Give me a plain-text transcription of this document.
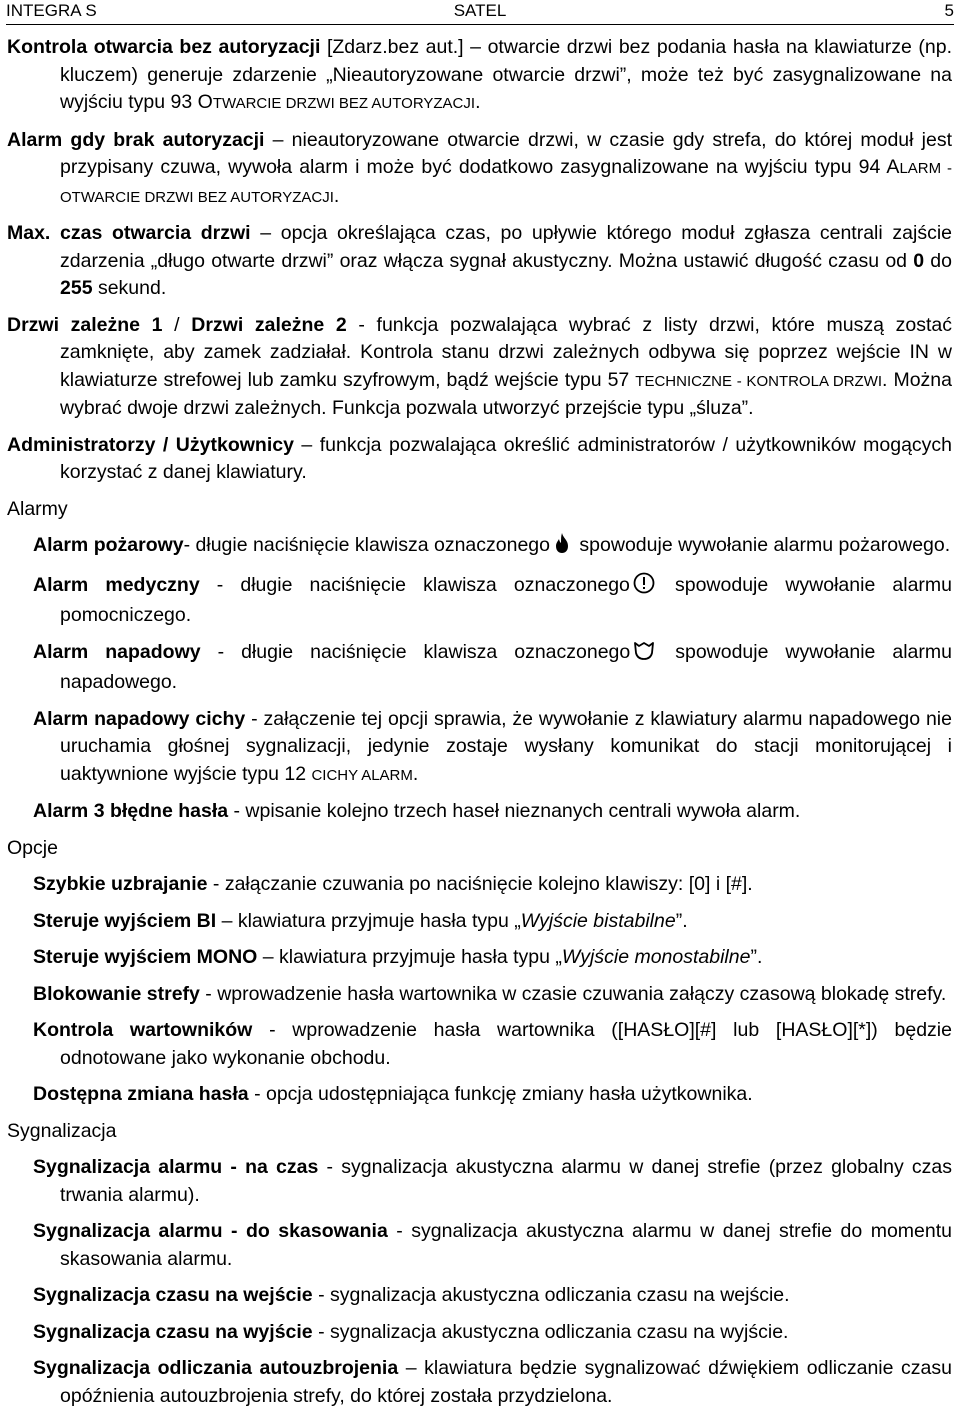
INTEGRA S	SATEL	5

Kontrola otwarcia bez autoryzacji [Zdarz.bez aut.] – otwarcie drzwi bez podania hasła na klawiaturze (np. kluczem) generuje zdarzenie „Nieautoryzowane otwarcie drzwi”, może też być zasygnalizowane na wyjściu typu 93 OTWARCIE DRZWI BEZ AUTORYZACJI.

Alarm gdy brak autoryzacji – nieautoryzowane otwarcie drzwi, w czasie gdy strefa, do której moduł jest przypisany czuwa, wywoła alarm i może być dodatkowo zasygnalizowane na wyjściu typu 94 ALARM - OTWARCIE DRZWI BEZ AUTORYZACJI.

Max. czas otwarcia drzwi – opcja określająca czas, po upływie którego moduł zgłasza centrali zajście zdarzenia „długo otwarte drzwi” oraz włącza sygnał akustyczny. Można ustawić długość czasu od 0 do 255 sekund.

Drzwi zależne 1 / Drzwi zależne 2 - funkcja pozwalająca wybrać z listy drzwi, które muszą zostać zamknięte, aby zamek zadziałał. Kontrola stanu drzwi zależnych odbywa się poprzez wejście IN w klawiaturze strefowej lub zamku szyfrowym, bądź wejście typu 57 TECHNICZNE - KONTROLA DRZWI. Można wybrać dwoje drzwi zależnych. Funkcja pozwala utworzyć przejście typu „śluza”.

Administratorzy / Użytkownicy – funkcja pozwalająca określić administratorów / użytkowników mogących korzystać z danej klawiatury.

Alarmy

Alarm pożarowy- długie naciśnięcie klawisza oznaczonego spowoduje wywołanie alarmu pożarowego.

Alarm medyczny - długie naciśnięcie klawisza oznaczonego spowoduje wywołanie alarmu pomocniczego.

Alarm napadowy - długie naciśnięcie klawisza oznaczonego spowoduje wywołanie alarmu napadowego.

Alarm napadowy cichy - załączenie tej opcji sprawia, że wywołanie z klawiatury alarmu napadowego nie uruchamia głośnej sygnalizacji, jedynie zostaje wysłany komunikat do stacji monitorującej i uaktywnione wyjście typu 12 CICHY ALARM.

Alarm 3 błędne hasła - wpisanie kolejno trzech haseł nieznanych centrali wywoła alarm.

Opcje

Szybkie uzbrajanie - załączanie czuwania po naciśnięcie kolejno klawiszy: [0] i [#].

Steruje wyjściem BI – klawiatura przyjmuje hasła typu „Wyjście bistabilne”.

Steruje wyjściem MONO – klawiatura przyjmuje hasła typu „Wyjście monostabilne”.

Blokowanie strefy - wprowadzenie hasła wartownika w czasie czuwania załączy czasową blokadę strefy.

Kontrola wartowników - wprowadzenie hasła wartownika ([HASŁO][#] lub [HASŁO][*]) będzie odnotowane jako wykonanie obchodu.

Dostępna zmiana hasła - opcja udostępniająca funkcję zmiany hasła użytkownika.

Sygnalizacja

Sygnalizacja alarmu - na czas - sygnalizacja akustyczna alarmu w danej strefie (przez globalny czas trwania alarmu).

Sygnalizacja alarmu - do skasowania - sygnalizacja akustyczna alarmu w danej strefie do momentu skasowania alarmu.

Sygnalizacja czasu na wejście - sygnalizacja akustyczna odliczania czasu na wejście.

Sygnalizacja czasu na wyjście - sygnalizacja akustyczna odliczania czasu na wyjście.

Sygnalizacja odliczania autouzbrojenia – klawiatura będzie sygnalizować dźwiękiem odliczanie czasu opóźnienia autouzbrojenia strefy, do której została przydzielona.
